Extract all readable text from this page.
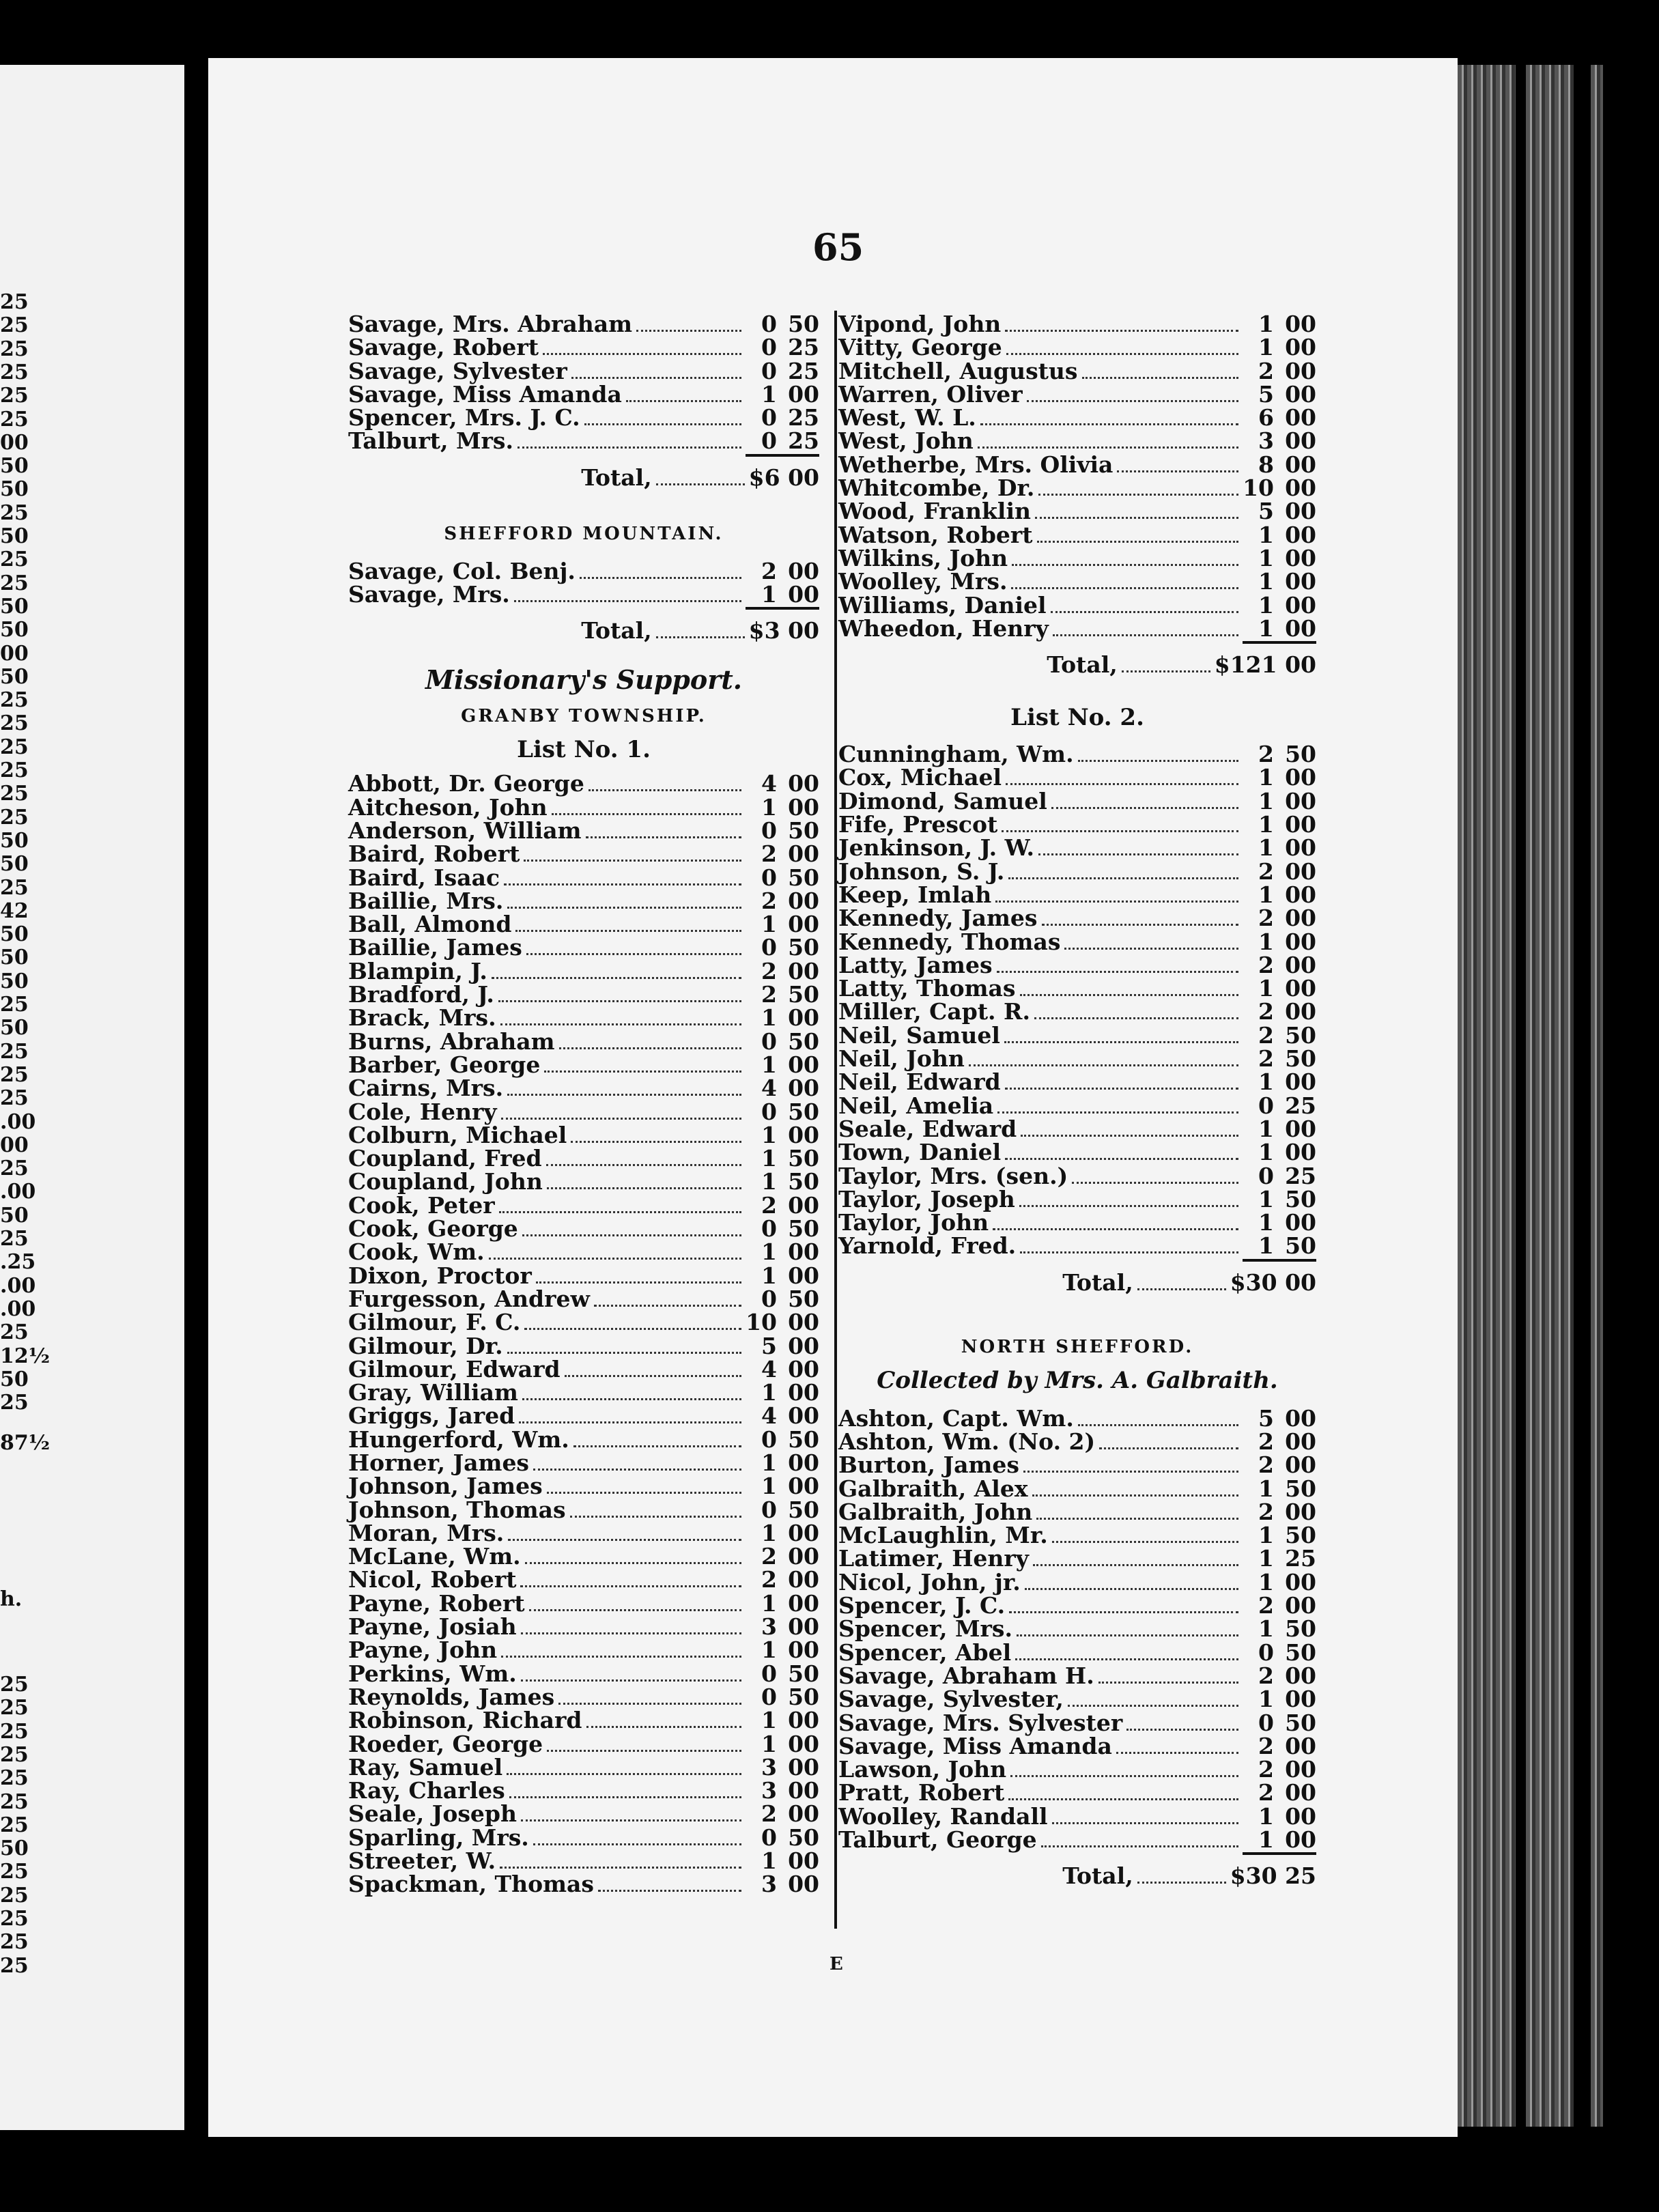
25
25
25
25
25
25
00
50
50
25
50
25
25
50
50
00
50
25
25
25
25
25
25
50
50
25
42
50
50
50
25
50
25
25
25
.00
00
25
.00
50
25
.25
.00
.00
25
12½
50
25
87½
h.
25
25
25
25
25
25
25
50
25
25
25
25
25
65
Savage, Mrs. Abraham	0 50
Savage, Robert	0 25
Savage, Sylvester	0 25
Savage, Miss Amanda	1 00
Spencer, Mrs. J. C.	0 25
Talburt, Mrs.	0 25
Total,	$6 00
SHEFFORD MOUNTAIN.
Savage, Col. Benj.	2 00
Savage, Mrs.	1 00
Total,	$3 00
Missionary's Support.
GRANBY TOWNSHIP.
List No. 1.
Abbott, Dr. George	4 00
Aitcheson, John	1 00
Anderson, William	0 50
Baird, Robert	2 00
Baird, Isaac	0 50
Baillie, Mrs.	2 00
Ball, Almond	1 00
Baillie, James	0 50
Blampin, J.	2 00
Bradford, J.	2 50
Brack, Mrs.	1 00
Burns, Abraham	0 50
Barber, George	1 00
Cairns, Mrs.	4 00
Cole, Henry	0 50
Colburn, Michael	1 00
Coupland, Fred	1 50
Coupland, John	1 50
Cook, Peter	2 00
Cook, George	0 50
Cook, Wm.	1 00
Dixon, Proctor	1 00
Furgesson, Andrew	0 50
Gilmour, F. C.	10 00
Gilmour, Dr.	5 00
Gilmour, Edward	4 00
Gray, William	1 00
Griggs, Jared	4 00
Hungerford, Wm.	0 50
Horner, James	1 00
Johnson, James	1 00
Johnson, Thomas	0 50
Moran, Mrs.	1 00
McLane, Wm.	2 00
Nicol, Robert	2 00
Payne, Robert	1 00
Payne, Josiah	3 00
Payne, John	1 00
Perkins, Wm.	0 50
Reynolds, James	0 50
Robinson, Richard	1 00
Roeder, George	1 00
Ray, Samuel	3 00
Ray, Charles	3 00
Seale, Joseph	2 00
Sparling, Mrs.	0 50
Streeter, W.	1 00
Spackman, Thomas	3 00
Vipond, John	1 00
Vitty, George	1 00
Mitchell, Augustus	2 00
Warren, Oliver	5 00
West, W. L.	6 00
West, John	3 00
Wetherbe, Mrs. Olivia	8 00
Whitcombe, Dr.	10 00
Wood, Franklin	5 00
Watson, Robert	1 00
Wilkins, John	1 00
Woolley, Mrs.	1 00
Williams, Daniel	1 00
Wheedon, Henry	1 00
Total,	$121 00
List No. 2.
Cunningham, Wm.	2 50
Cox, Michael	1 00
Dimond, Samuel	1 00
Fife, Prescot	1 00
Jenkinson, J. W.	1 00
Johnson, S. J.	2 00
Keep, Imlah	1 00
Kennedy, James	2 00
Kennedy, Thomas	1 00
Latty, James	2 00
Latty, Thomas	1 00
Miller, Capt. R.	2 00
Neil, Samuel	2 50
Neil, John	2 50
Neil, Edward	1 00
Neil, Amelia	0 25
Seale, Edward	1 00
Town, Daniel	1 00
Taylor, Mrs. (sen.)	0 25
Taylor, Joseph	1 50
Taylor, John	1 00
Yarnold, Fred.	1 50
Total,	$30 00
NORTH SHEFFORD.
Collected by Mrs. A. Galbraith.
Ashton, Capt. Wm.	5 00
Ashton, Wm. (No. 2)	2 00
Burton, James	2 00
Galbraith, Alex	1 50
Galbraith, John	2 00
McLaughlin, Mr.	1 50
Latimer, Henry	1 25
Nicol, John, jr.	1 00
Spencer, J. C.	2 00
Spencer, Mrs.	1 50
Spencer, Abel	0 50
Savage, Abraham H.	2 00
Savage, Sylvester,	1 00
Savage, Mrs. Sylvester	0 50
Savage, Miss Amanda	2 00
Lawson, John	2 00
Pratt, Robert	2 00
Woolley, Randall	1 00
Talburt, George	1 00
Total,	$30 25
E
